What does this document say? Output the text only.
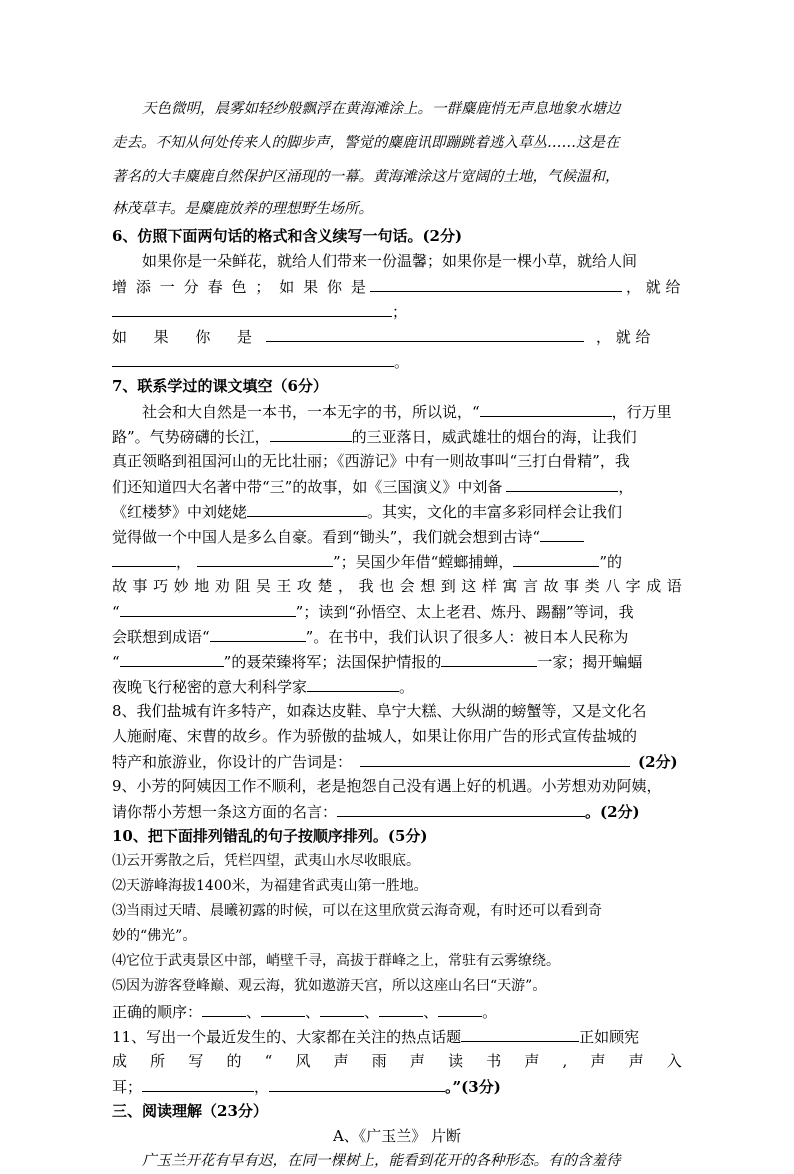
天色微明，晨雾如轻纱般飘浮在黄海滩涂上。一群麋鹿悄无声息地象水塘边
走去。不知从何处传来人的脚步声，警觉的麋鹿讯即蹦跳着逃入草丛……这是在
著名的大丰麋鹿自然保护区涌现的一幕。黄海滩涂这片宽阔的土地，气候温和，
林茂草丰。是麋鹿放养的理想野生场所。
6、仿照下面两句话的格式和含义续写一句话。(2分)
如果你是一朵鲜花，就给人们带来一份温馨；如果你是一棵小草，就给人间
增 添 一 分 春 色 ； 如 果 你 是	， 就 给
；
如 果 你 是	， 就 给
。
7、联系学过的课文填空（6分）
社会和大自然是一本书，一本无字的书，所以说，“	，行万里
路”。气势磅礴的长江，	的三亚落日，威武雄壮的烟台的海，让我们
真正领略到祖国河山的无比壮丽；《西游记》中有一则故事叫“三打白骨精”，我
们还知道四大名著中带“三”的故事，如《三国演义》中刘备	，
《红楼梦》中刘姥姥	。其实，文化的丰富多彩同样会让我们
觉得做一个中国人是多么自豪。看到“锄头”，我们就会想到古诗“
，	”；吴国少年借“螳螂捕蝉，	”的
故 事 巧 妙 地 劝 阻 吴 王 攻 楚 ， 我 也 会 想 到 这 样 寓 言 故 事 类 八 字 成 语
“	”；读到“孙悟空、太上老君、炼丹、踢翻”等词，我
会联想到成语“	”。在书中，我们认识了很多人：被日本人民称为
“	”的聂荣臻将军；法国保护情报的	一家；揭开蝙蝠
夜晚飞行秘密的意大利科学家	。
8、我们盐城有许多特产，如森达皮鞋、阜宁大糕、大纵湖的螃蟹等，又是文化名
人施耐庵、宋曹的故乡。作为骄傲的盐城人，如果让你用广告的形式宣传盐城的
特产和旅游业，你设计的广告词是：	(2分)
9、小芳的阿姨因工作不顺利，老是抱怨自己没有遇上好的机遇。小芳想劝劝阿姨，
请你帮小芳想一条这方面的名言：	。(2分)
10、把下面排列错乱的句子按顺序排列。(5分)
⑴云开雾散之后，凭栏四望，武夷山水尽收眼底。
⑵天游峰海拔1400米，为福建省武夷山第一胜地。
⑶当雨过天晴、晨曦初露的时候，可以在这里欣赏云海奇观，有时还可以看到奇
妙的“佛光”。
⑷它位于武夷景区中部，峭壁千寻，高拔于群峰之上，常驻有云雾缭绕。
⑸因为游客登峰巅、观云海，犹如遨游天宫，所以这座山名曰“天游”。
正确的顺序：	、	、	、	、	。
11、写出一个最近发生的、大家都在关注的热点话题	正如顾宪
成 所 写 的 “ 风 声 雨 声 读 书 声 , 声 声 入
耳；	，	。”(3分)
三、阅读理解（23分）
A、《广玉兰》 片断
广玉兰开花有早有迟，在同一棵树上，能看到花开的各种形态。有的含羞待
